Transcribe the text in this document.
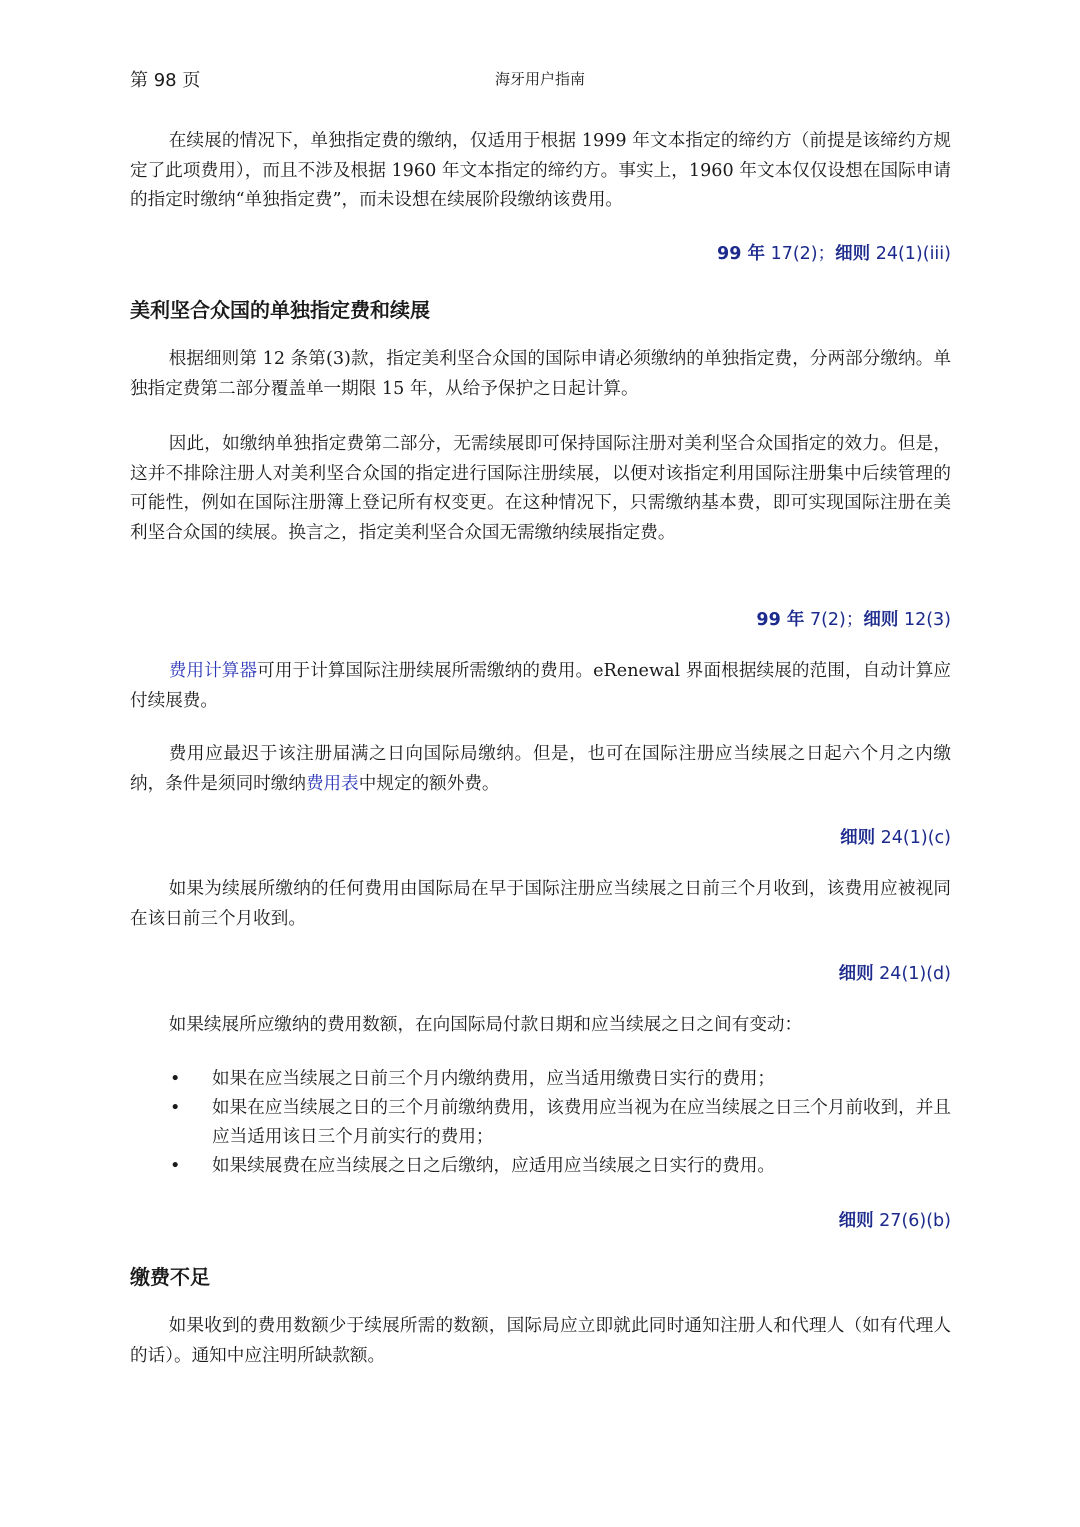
第 98 页	海牙用户指南

在续展的情况下，单独指定费的缴纳，仅适用于根据 1999 年文本指定的缔约方（前提是该缔约方规定了此项费用），而且不涉及根据 1960 年文本指定的缔约方。事实上，1960 年文本仅仅设想在国际申请的指定时缴纳“单独指定费”，而未设想在续展阶段缴纳该费用。

99 年 17(2)；细则 24(1)(iii)
美利坚合众国的单独指定费和续展

根据细则第 12 条第(3)款，指定美利坚合众国的国际申请必须缴纳的单独指定费，分两部分缴纳。单独指定费第二部分覆盖单一期限 15 年，从给予保护之日起计算。

因此，如缴纳单独指定费第二部分，无需续展即可保持国际注册对美利坚合众国指定的效力。但是，这并不排除注册人对美利坚合众国的指定进行国际注册续展，以便对该指定利用国际注册集中后续管理的可能性，例如在国际注册簿上登记所有权变更。在这种情况下，只需缴纳基本费，即可实现国际注册在美利坚合众国的续展。换言之，指定美利坚合众国无需缴纳续展指定费。

99 年 7(2)；细则 12(3)

费用计算器可用于计算国际注册续展所需缴纳的费用。eRenewal 界面根据续展的范围，自动计算应付续展费。

费用应最迟于该注册届满之日向国际局缴纳。但是，也可在国际注册应当续展之日起六个月之内缴纳，条件是须同时缴纳费用表中规定的额外费。

细则 24(1)(c)

如果为续展所缴纳的任何费用由国际局在早于国际注册应当续展之日前三个月收到，该费用应被视同在该日前三个月收到。

细则 24(1)(d)

如果续展所应缴纳的费用数额，在向国际局付款日期和应当续展之日之间有变动：

• 如果在应当续展之日前三个月内缴纳费用，应当适用缴费日实行的费用；
• 如果在应当续展之日的三个月前缴纳费用，该费用应当视为在应当续展之日三个月前收到，并且应当适用该日三个月前实行的费用；
• 如果续展费在应当续展之日之后缴纳，应适用应当续展之日实行的费用。
细则 27(6)(b)
缴费不足

如果收到的费用数额少于续展所需的数额，国际局应立即就此同时通知注册人和代理人（如有代理人的话）。通知中应注明所缺款额。
